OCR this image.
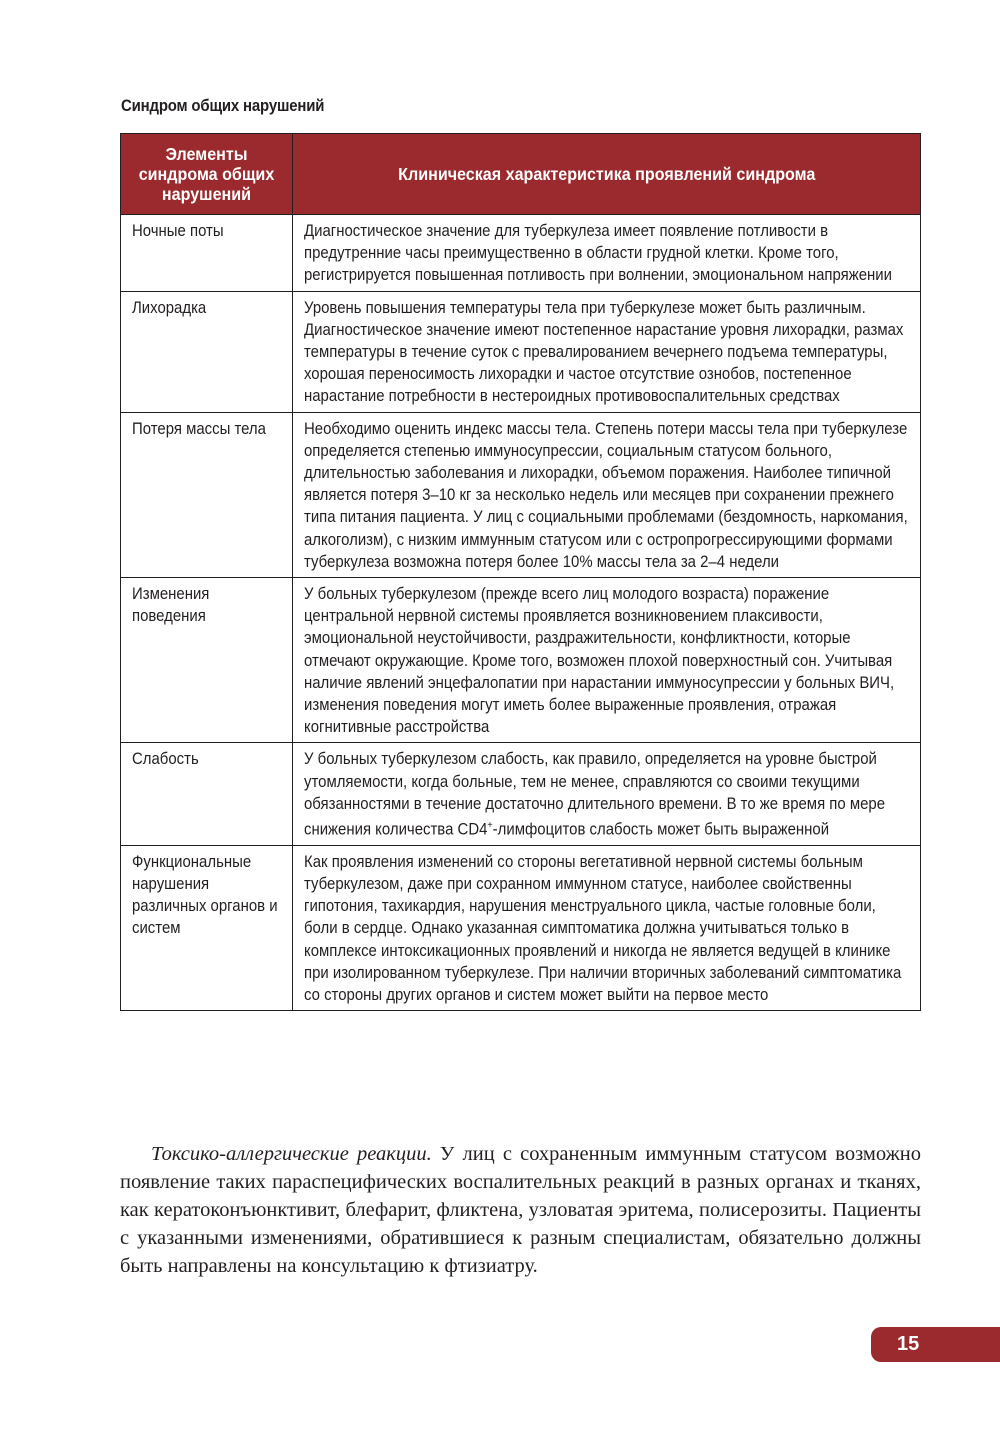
Синдром общих нарушений
Элементы синдрома общих нарушений	Клиническая характеристика проявлений синдрома
Ночные поты	Диагностическое значение для туберкулеза имеет появление потливости в предутренние часы преимущественно в области грудной клетки. Кроме того, регистрируется повышенная потливость при волнении, эмоциональном напряжении
Лихорадка	Уровень повышения температуры тела при туберкулезе может быть различным. Диагностическое значение имеют постепенное нарастание уровня лихорадки, размах температуры в течение суток с превалированием вечернего подъема температуры, хорошая переносимость лихорадки и частое отсутствие ознобов, постепенное нарастание потребности в нестероидных противовоспалительных средствах
Потеря массы тела	Необходимо оценить индекс массы тела. Степень потери массы тела при туберкулезе определяется степенью иммуносупрессии, социальным статусом больного, длительностью заболевания и лихорадки, объемом поражения. Наиболее типичной является потеря 3–10 кг за несколько недель или месяцев при сохранении прежнего типа питания пациента. У лиц с социальными проблемами (бездомность, наркомания, алкоголизм), с низким иммунным статусом или с остропрогрессирующими формами туберкулеза возможна потеря более 10% массы тела за 2–4 недели
Изменения поведения	У больных туберкулезом (прежде всего лиц молодого возраста) поражение центральной нервной системы проявляется возникновением плаксивости, эмоциональной неустойчивости, раздражительности, конфликтности, которые отмечают окружающие. Кроме того, возможен плохой поверхностный сон. Учитывая наличие явлений энцефалопатии при нарастании иммуносупрессии у больных ВИЧ, изменения поведения могут иметь более выраженные проявления, отражая когнитивные расстройства
Слабость	У больных туберкулезом слабость, как правило, определяется на уровне быстрой утомляемости, когда больные, тем не менее, справляются со своими текущими обязанностями в течение достаточно длительного времени. В то же время по мере снижения количества CD4+-лимфоцитов слабость может быть выраженной
Функциональные нарушения различных органов и систем	Как проявления изменений со стороны вегетативной нервной системы больным туберкулезом, даже при сохранном иммунном статусе, наиболее свойственны гипотония, тахикардия, нарушения менструального цикла, частые головные боли, боли в сердце. Однако указанная симптоматика должна учитываться только в комплексе интоксикационных проявлений и никогда не является ведущей в клинике при изолированном туберкулезе. При наличии вторичных заболеваний симптоматика со стороны других органов и систем может выйти на первое место

Токсико-аллергические реакции. У лиц с сохраненным иммунным статусом возможно появление таких параспецифических воспалительных реакций в разных органах и тканях, как кератоконъюнктивит, блефарит, фликтена, узловатая эритема, полисерозиты. Пациенты с указанными изменениями, обратившиеся к разным специалистам, обязательно должны быть направлены на консультацию к фтизиатру.

15
